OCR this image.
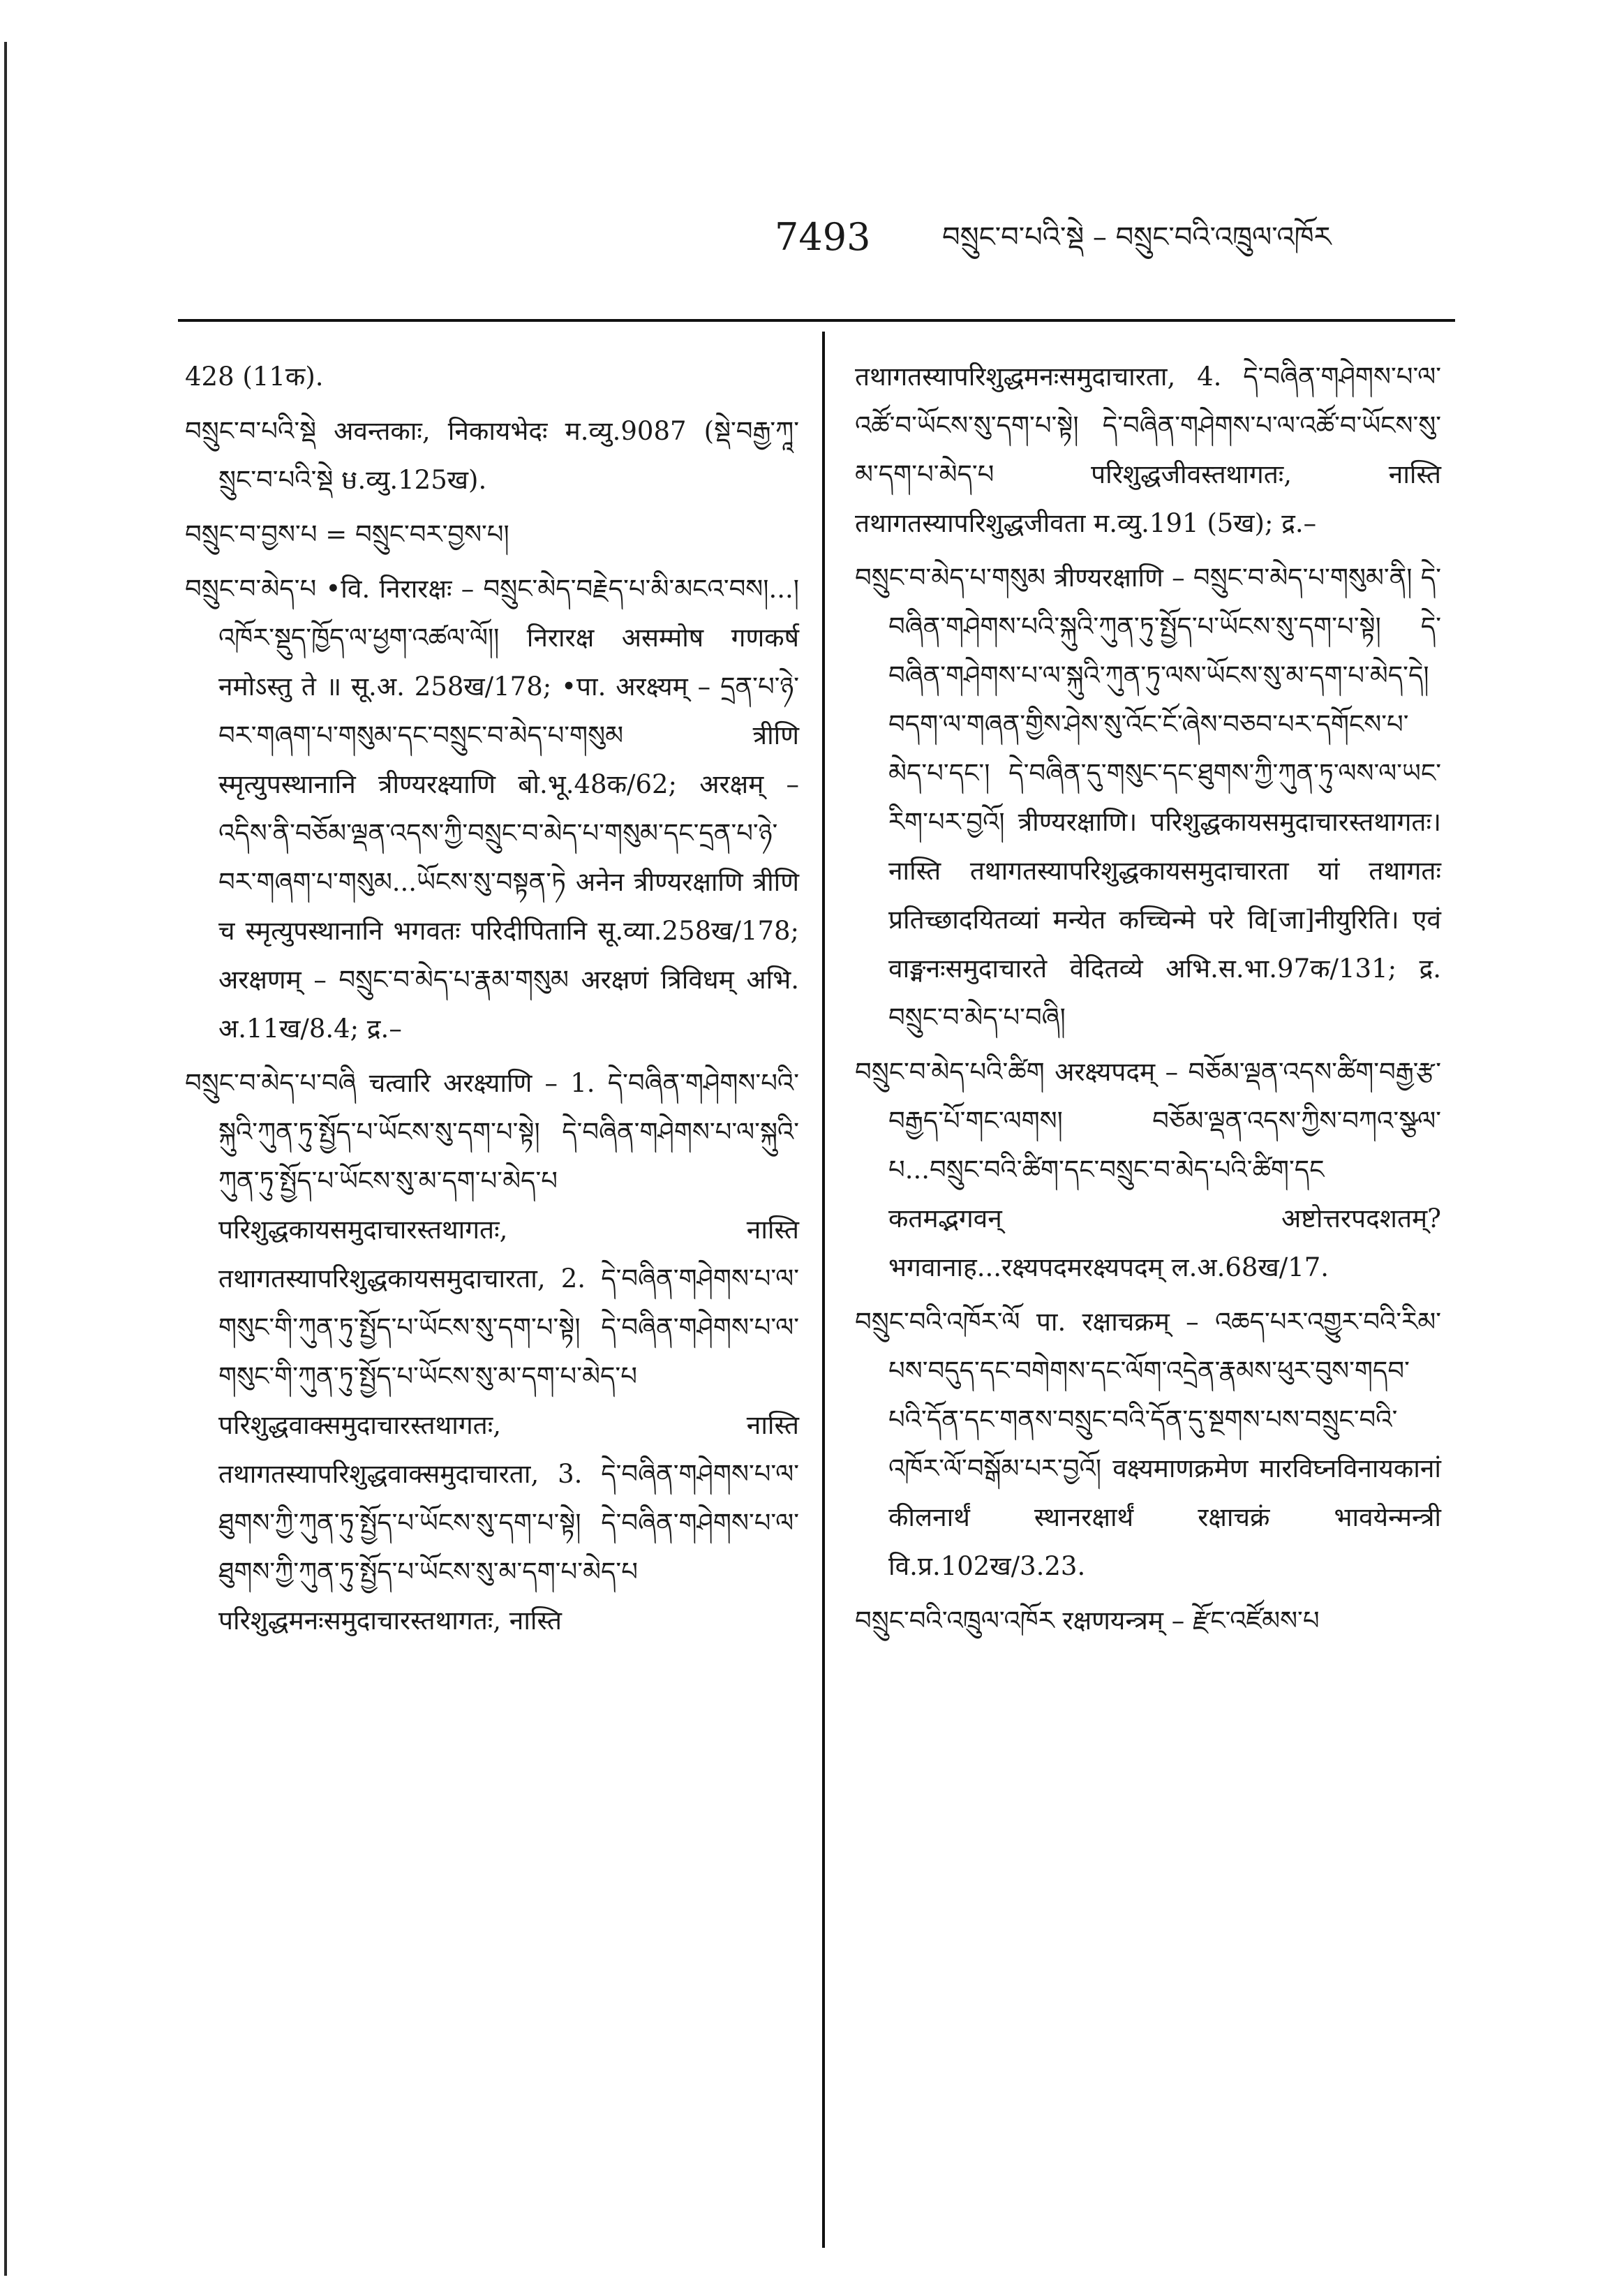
7493	བསྲུང་བ་པའི་སྡེ – བསྲུང་བའི་འཁྲུལ་འཁོར

428 (11क).

བསྲུང་བ་པའི་སྡེ अवन्तकाः, निकायभेदः म.व्यु.9087 (སྡེ་བརྒྱ་ཀཱ་ སྲུང་བ་པའི་སྡེ ម.व्यु.125ख).

བསྲུང་བ་བྱས་པ = བསྲུང་བར་བྱས་པ།

བསྲུང་བ་མེད་པ •वि. निरारक्षः – བསྲུང་མེད་བརྗེད་པ་མི་མངའ་བས།...།འཁོར་སྡུད་ཁྱོད་ལ་ཕྱག་འཚལ་ལོ།། निरारक्ष असम्मोष गणकर्ष नमोऽस्तु ते ॥ सू.अ. 258ख/178; •पा. अरक्ष्यम् – དྲན་པ་ཉེ་བར་གཞག་པ་གསུམ་དང་བསྲུང་བ་མེད་པ་གསུམ त्रीणि स्मृत्युपस्थानानि त्रीण्यरक्ष्याणि बो.भू.48क/62; अरक्षम् – འདིས་ནི་བཅོམ་ལྡན་འདས་ཀྱི་བསྲུང་བ་མེད་པ་གསུམ་དང་དྲན་པ་ཉེ་བར་གཞག་པ་གསུམ...ཡོངས་སུ་བསྟན་ཏེ अनेन त्रीण्यरक्षाणि त्रीणि च स्मृत्युपस्थानानि भगवतः परिदीपितानि सू.व्या.258ख/178; अरक्षणम् – བསྲུང་བ་མེད་པ་རྣམ་གསུམ अरक्षणं त्रिविधम् अभि. अ.11ख/8.4; द्र.–

བསྲུང་བ་མེད་པ་བཞི चत्वारि अरक्ष्याणि – 1. དེ་བཞིན་གཤེགས་པའི་སྐུའི་ཀུན་ཏུ་སྤྱོད་པ་ཡོངས་སུ་དག་པ་སྟེ། དེ་བཞིན་གཤེགས་པ་ལ་སྐུའི་ཀུན་ཏུ་སྤྱོད་པ་ཡོངས་སུ་མ་དག་པ་མེད་པ परिशुद्धकायसमुदाचारस्तथागतः, नास्ति तथागतस्यापरिशुद्धकायसमुदाचारता, 2. དེ་བཞིན་གཤེགས་པ་ལ་གསུང་གི་ཀུན་ཏུ་སྤྱོད་པ་ཡོངས་སུ་དག་པ་སྟེ། དེ་བཞིན་གཤེགས་པ་ལ་གསུང་གི་ཀུན་ཏུ་སྤྱོད་པ་ཡོངས་སུ་མ་དག་པ་མེད་པ परिशुद्धवाक्समुदाचारस्तथागतः, नास्ति तथागतस्यापरिशुद्धवाक्समुदाचारता, 3. དེ་བཞིན་གཤེགས་པ་ལ་ཐུགས་ཀྱི་ཀུན་ཏུ་སྤྱོད་པ་ཡོངས་སུ་དག་པ་སྟེ། དེ་བཞིན་གཤེགས་པ་ལ་ཐུགས་ཀྱི་ཀུན་ཏུ་སྤྱོད་པ་ཡོངས་སུ་མ་དག་པ་མེད་པ परिशुद्धमनःसमुदाचारस्तथागतः, नास्ति

तथागतस्यापरिशुद्धमनःसमुदाचारता, 4. དེ་བཞིན་གཤེགས་པ་ལ་འཚོ་བ་ཡོངས་སུ་དག་པ་སྟེ། དེ་བཞིན་གཤེགས་པ་ལ་འཚོ་བ་ཡོངས་སུ་མ་དག་པ་མེད་པ परिशुद्धजीवस्तथागतः, नास्ति तथागतस्यापरिशुद्धजीवता म.व्यु.191 (5ख); द्र.–

བསྲུང་བ་མེད་པ་གསུམ त्रीण्यरक्षाणि – བསྲུང་བ་མེད་པ་གསུམ་ནི། དེ་བཞིན་གཤེགས་པའི་སྐུའི་ཀུན་ཏུ་སྤྱོད་པ་ཡོངས་སུ་དག་པ་སྟེ། དེ་བཞིན་གཤེགས་པ་ལ་སྐུའི་ཀུན་ཏུ་ལས་ཡོངས་སུ་མ་དག་པ་མེད་དེ། བདག་ལ་གཞན་གྱིས་ཤེས་སུ་འོང་ངོ་ཞེས་བཅབ་པར་དགོངས་པ་མེད་པ་དང་། དེ་བཞིན་དུ་གསུང་དང་ཐུགས་ཀྱི་ཀུན་ཏུ་ལས་ལ་ཡང་རིག་པར་བྱའོ། त्रीण्यरक्षाणि। परिशुद्धकायसमुदाचारस्तथागतः। नास्ति तथागतस्यापरिशुद्धकायसमुदाचारता यां तथागतः प्रतिच्छादयितव्यां मन्येत कच्चिन्मे परे वि[जा]नीयुरिति। एवं वाङ्मनःसमुदाचारते वेदितव्ये अभि.स.भा.97क/131; द्र. བསྲུང་བ་མེད་པ་བཞི།

བསྲུང་བ་མེད་པའི་ཚིག अरक्ष्यपदम् – བཅོམ་ལྡན་འདས་ཚིག་བརྒྱ་རྩ་བརྒྱད་པོ་གང་ལགས། བཅོམ་ལྡན་འདས་ཀྱིས་བཀའ་སྩལ་པ...བསྲུང་བའི་ཚིག་དང་བསྲུང་བ་མེད་པའི་ཚིག་དང कतमद्भगवन् अष्टोत्तरपदशतम्? भगवानाह...रक्ष्यपदमरक्ष्यपदम् ल.अ.68ख/17.

བསྲུང་བའི་འཁོར་ལོ पा. रक्षाचक्रम् – འཆད་པར་འགྱུར་བའི་རིམ་པས་བདུད་དང་བགེགས་དང་ལོག་འདྲེན་རྣམས་ཕུར་བུས་གདབ་པའི་དོན་དང་གནས་བསྲུང་བའི་དོན་དུ་སྔགས་པས་བསྲུང་བའི་འཁོར་ལོ་བསྒོམ་པར་བྱའོ། वक्ष्यमाणक्रमेण मारविघ्नविनायकानां कीलनार्थं स्थानरक्षार्थं रक्षाचक्रं भावयेन्मन्त्री वि.प्र.102ख/3.23.

བསྲུང་བའི་འཁྲུལ་འཁོར रक्षणयन्त्रम् – རྫོང་འཛོམས་པ
